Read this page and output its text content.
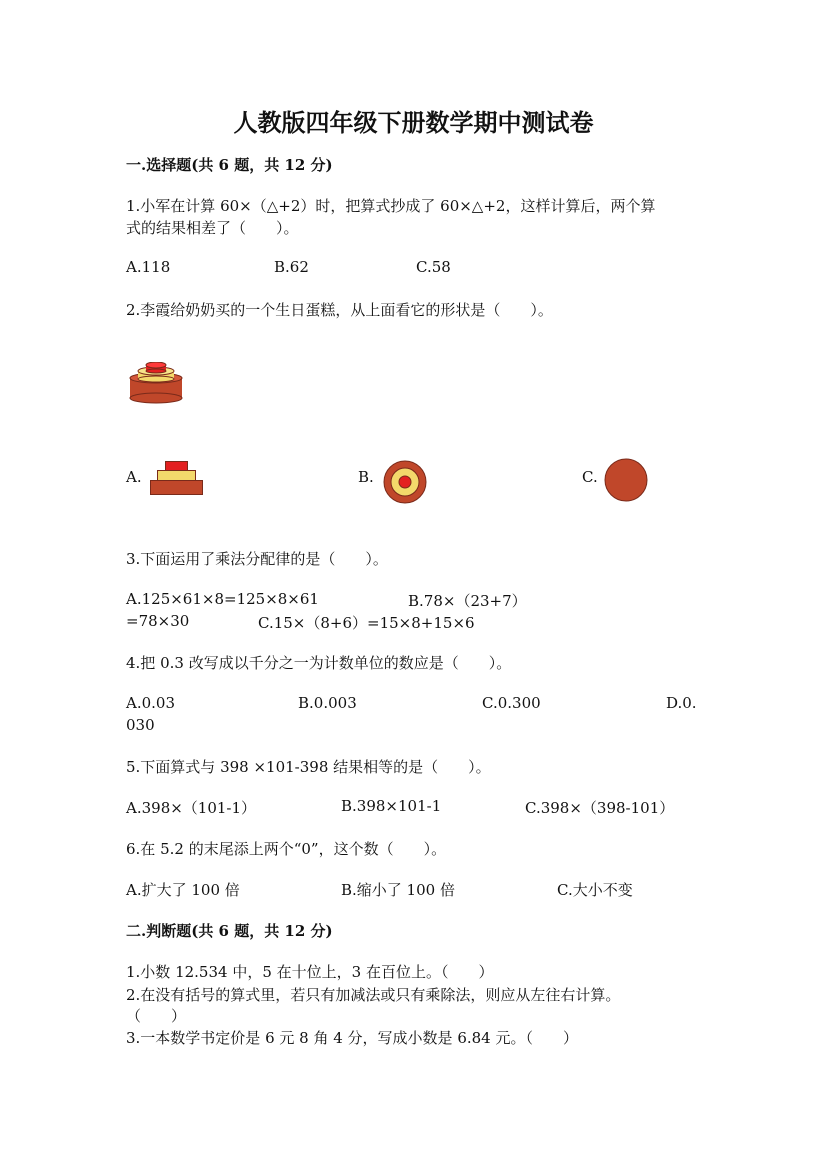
人教版四年级下册数学期中测试卷
一.选择题(共 6 题，共 12 分)
1.小军在计算 60×（△+2）时，把算式抄成了 60×△+2，这样计算后，两个算
式的结果相差了（　　）。
A.118	B.62	C.58
2.李霞给奶奶买的一个生日蛋糕，从上面看它的形状是（　　）。
A.	B.	C.
3.下面运用了乘法分配律的是（　　）。
A.125×61×8=125×8×61	B.78×（23+7）
=78×30	C.15×（8+6）=15×8+15×6
4.把 0.3 改写成以千分之一为计数单位的数应是（　　）。
A.0.03	B.0.003	C.0.300	D.0.
030
5.下面算式与 398 ×101-398 结果相等的是（　　）。
A.398×（101-1）	B.398×101-1	C.398×（398-101）
6.在 5.2 的末尾添上两个“0”，这个数（　　）。
A.扩大了 100 倍	B.缩小了 100 倍	C.大小不变
二.判断题(共 6 题，共 12 分)
1.小数 12.534 中，5 在十位上，3 在百位上。（　　）
2.在没有括号的算式里，若只有加减法或只有乘除法，则应从左往右计算。
（　　）
3.一本数学书定价是 6 元 8 角 4 分，写成小数是 6.84 元。（　　）
